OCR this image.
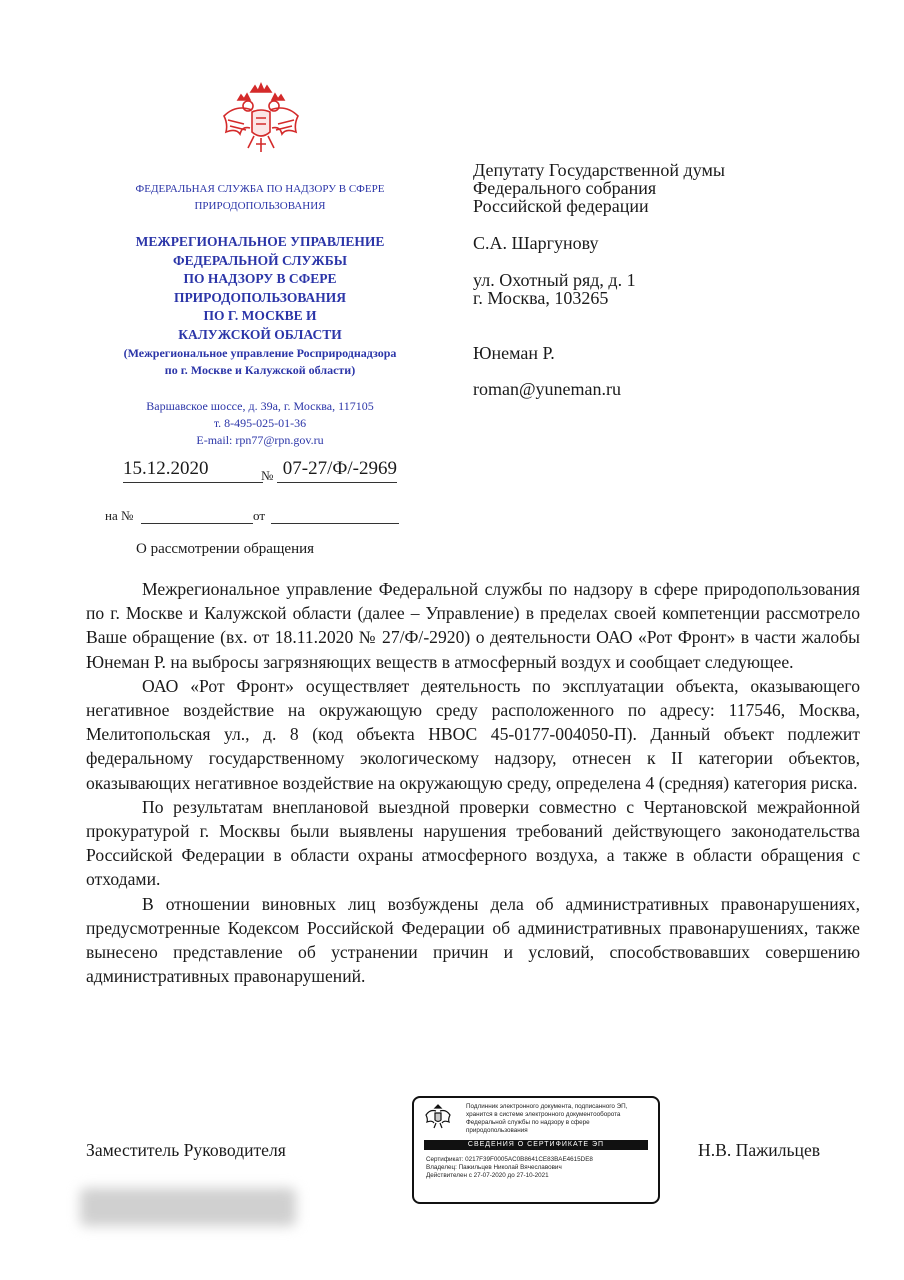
ФЕДЕРАЛЬНАЯ СЛУЖБА ПО НАДЗОРУ В СФЕРЕ
ПРИРОДОПОЛЬЗОВАНИЯ
МЕЖРЕГИОНАЛЬНОЕ УПРАВЛЕНИЕ
ФЕДЕРАЛЬНОЙ СЛУЖБЫ
ПО НАДЗОРУ В СФЕРЕ
ПРИРОДОПОЛЬЗОВАНИЯ
ПО Г. МОСКВЕ И
КАЛУЖСКОЙ ОБЛАСТИ
(Межрегиональное управление Росприроднадзора
по г. Москве и Калужской области)
Варшавское шоссе, д. 39а, г. Москва, 117105
т. 8-495-025-01-36
E-mail: rpn77@rpn.gov.ru
15.12.2020	№ 07-27/Ф/-2969
на №	от
Депутату Государственной думы
Федерального собрания
Российской федерации
С.А. Шаргунову
ул. Охотный ряд, д. 1
г. Москва, 103265
Юнеман Р.
roman@yuneman.ru
О рассмотрении обращения

Межрегиональное управление Федеральной службы по надзору в сфере природопользования по г. Москве и Калужской области (далее – Управление) в пределах своей компетенции рассмотрело Ваше обращение (вх. от 18.11.2020 № 27/Ф/-2920) о деятельности ОАО «Рот Фронт» в части жалобы Юнеман Р. на выбросы загрязняющих веществ в атмосферный воздух и сообщает следующее.

ОАО «Рот Фронт» осуществляет деятельность по эксплуатации объекта, оказывающего негативное воздействие на окружающую среду расположенного по адресу: 117546, Москва, Мелитопольская ул., д. 8 (код объекта НВОС 45-0177-004050-П). Данный объект подлежит федеральному государственному экологическому надзору, отнесен к II категории объектов, оказывающих негативное воздействие на окружающую среду, определена 4 (средняя) категория риска.

По результатам внеплановой выездной проверки совместно с Чертановской межрайонной прокуратурой г. Москвы были выявлены нарушения требований действующего законодательства Российской Федерации в области охраны атмосферного воздуха, а также в области обращения с отходами.

В отношении виновных лиц возбуждены дела об административных правонарушениях, предусмотренные Кодексом Российской Федерации об административных правонарушениях, также вынесено представление об устранении причин и условий, способствовавших совершению административных правонарушений.

Заместитель Руководителя	Н.В. Пажильцев
Подлинник электронного документа, подписанного ЭП,
хранится в системе электронного документооборота
Федеральной службы по надзору в сфере
природопользования
СВЕДЕНИЯ О СЕРТИФИКАТЕ ЭП
Сертификат: 0217F39F0005AC0B8641CE83BAE4615DE8
Владелец: Пажильцев Николай Вячеславович
Действителен с 27-07-2020 до 27-10-2021
